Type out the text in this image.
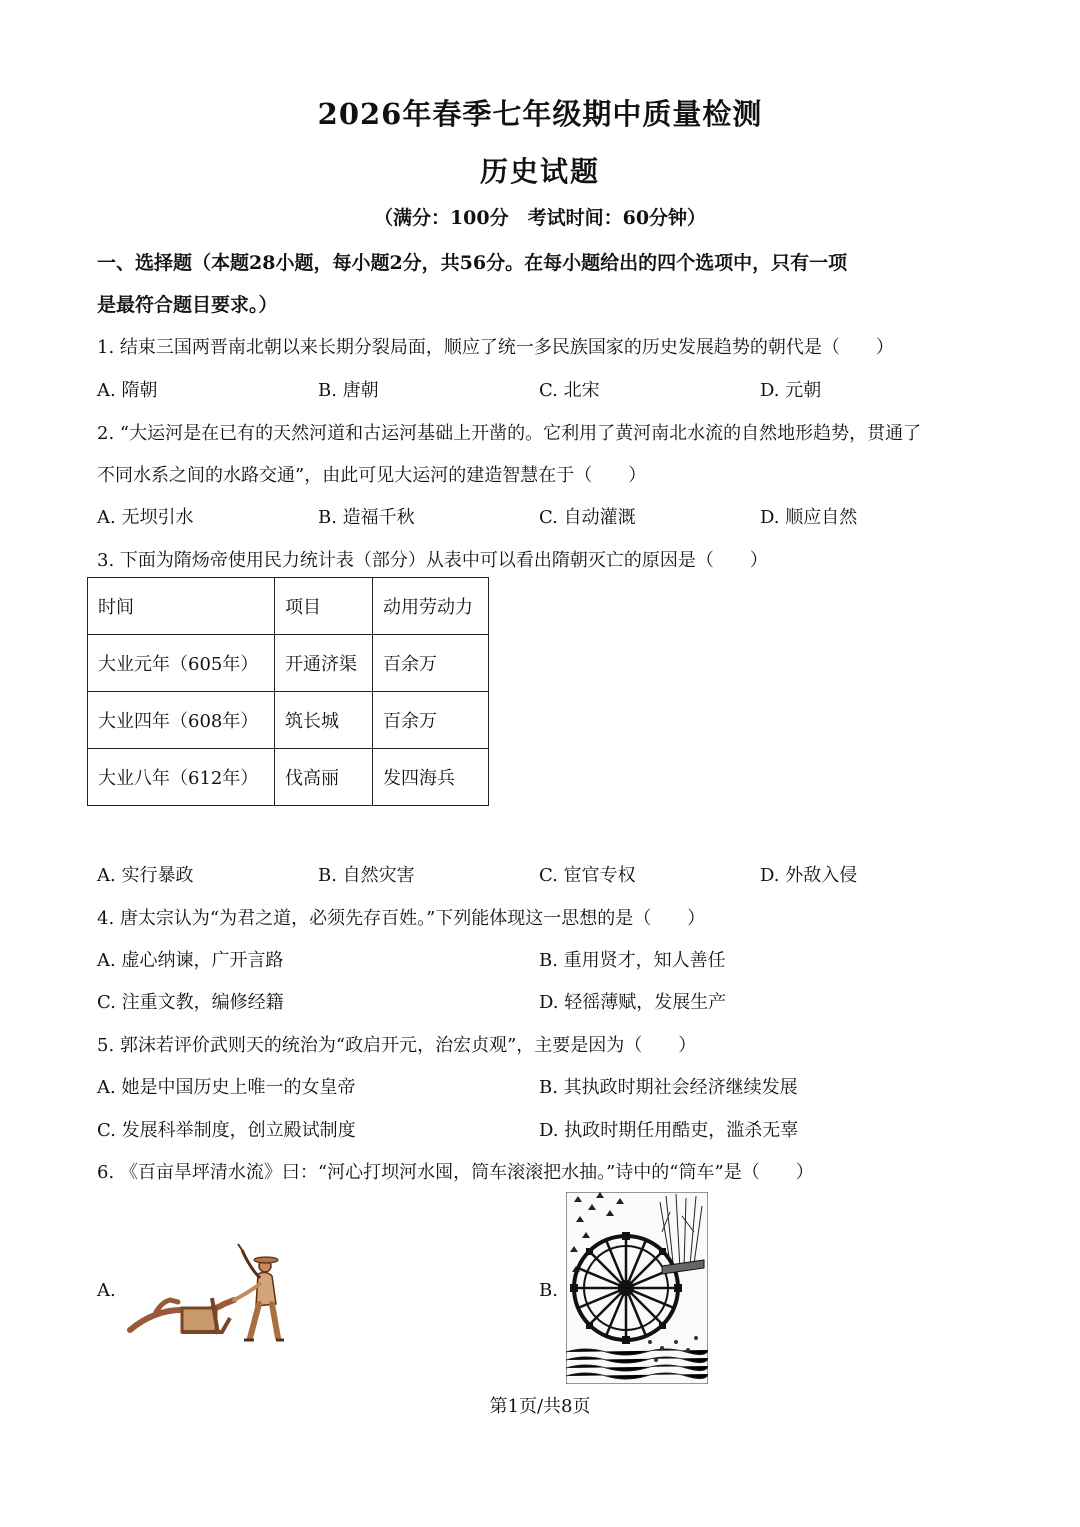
2026年春季七年级期中质量检测
历史试题
（满分：100分　考试时间：60分钟）
一、选择题（本题28小题，每小题2分，共56分。在每小题给出的四个选项中，只有一项
是最符合题目要求。）
1. 结束三国两晋南北朝以来长期分裂局面，顺应了统一多民族国家的历史发展趋势的朝代是（　　）
A. 隋朝	B. 唐朝	C. 北宋	D. 元朝
2. “大运河是在已有的天然河道和古运河基础上开凿的。它利用了黄河南北水流的自然地形趋势，贯通了
不同水系之间的水路交通”，由此可见大运河的建造智慧在于（　　）
A. 无坝引水	B. 造福千秋	C. 自动灌溉	D. 顺应自然
3. 下面为隋炀帝使用民力统计表（部分）从表中可以看出隋朝灭亡的原因是（　　）
时间	项目	动用劳动力
大业元年（605年）	开通济渠	百余万
大业四年（608年）	筑长城	百余万
大业八年（612年）	伐高丽	发四海兵
A. 实行暴政	B. 自然灾害	C. 宦官专权	D. 外敌入侵
4. 唐太宗认为“为君之道，必须先存百姓。”下列能体现这一思想的是（　　）
A. 虚心纳谏，广开言路	B. 重用贤才，知人善任
C. 注重文教，编修经籍	D. 轻徭薄赋，发展生产
5. 郭沫若评价武则天的统治为“政启开元，治宏贞观”，主要是因为（　　）
A. 她是中国历史上唯一的女皇帝	B. 其执政时期社会经济继续发展
C. 发展科举制度，创立殿试制度	D. 执政时期任用酷吏，滥杀无辜
6. 《百亩旱坪清水流》曰：“河心打坝河水囤，筒车滚滚把水抽。”诗中的“筒车”是（　　）
A.	B.
第1页/共8页
